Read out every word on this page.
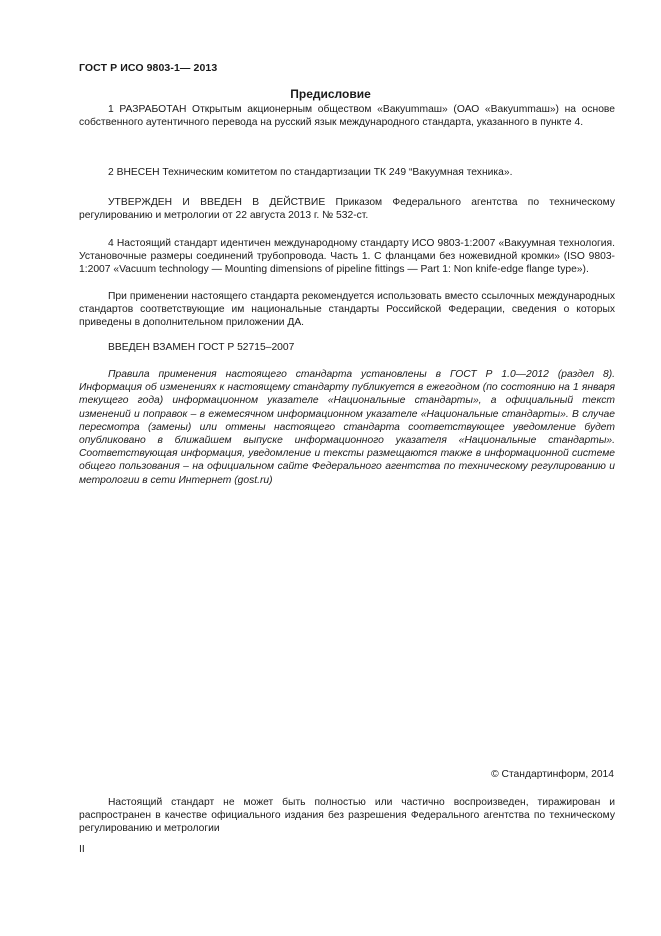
ГОСТ Р ИСО 9803-1— 2013
Предисловие

1 РАЗРАБОТАН Открытым акционерным обществом «Вакуummаш» (ОАО «Вакуummаш») на основе собственного аутентичного перевода на русский язык международного стандарта, указанного в пункте 4.

2 ВНЕСЕН Техническим комитетом по стандартизации ТК 249 “Вакуумная техника».

УТВЕРЖДЕН И ВВЕДЕН В ДЕЙСТВИЕ Приказом Федерального агентства по техническому регулированию и метрологии от 22 августа 2013 г. № 532-ст.

4 Настоящий стандарт идентичен международному стандарту ИСО 9803-1:2007 «Вакуумная технология. Установочные размеры соединений трубопровода. Часть 1. С фланцами без ножевидной кромки» (ISO 9803-1:2007 «Vacuum technology — Mounting dimensions of pipeline fittings — Part 1: Non knife-edge flange type»).

При применении настоящего стандарта рекомендуется использовать вместо ссылочных международных стандартов соответствующие им национальные стандарты Российской Федерации, сведения о которых приведены в дополнительном приложении ДА.

ВВЕДЕН ВЗАМЕН ГОСТ Р 52715–2007

Правила применения настоящего стандарта установлены в ГОСТ Р 1.0—2012 (раздел 8). Информация об изменениях к настоящему стандарту публикуется в ежегодном (по состоянию на 1 января текущего года) информационном указателе «Национальные стандарты», а официальный текст изменений и поправок – в ежемесячном информационном указателе «Национальные стандарты». В случае пересмотра (замены) или отмены настоящего стандарта соответствующее уведомление будет опубликовано в ближайшем выпуске информационного указателя «Национальные стандарты». Соответствующая информация, уведомление и тексты размещаются также в информационной системе общего пользования – на официальном сайте Федерального агентства по техническому регулированию и метрологии в сети Интернет (gost.ru)

© Стандартинформ, 2014

Настоящий стандарт не может быть полностью или частично воспроизведен, тиражирован и распространен в качестве официального издания без разрешения Федерального агентства по техническому регулированию и метрологии

II
